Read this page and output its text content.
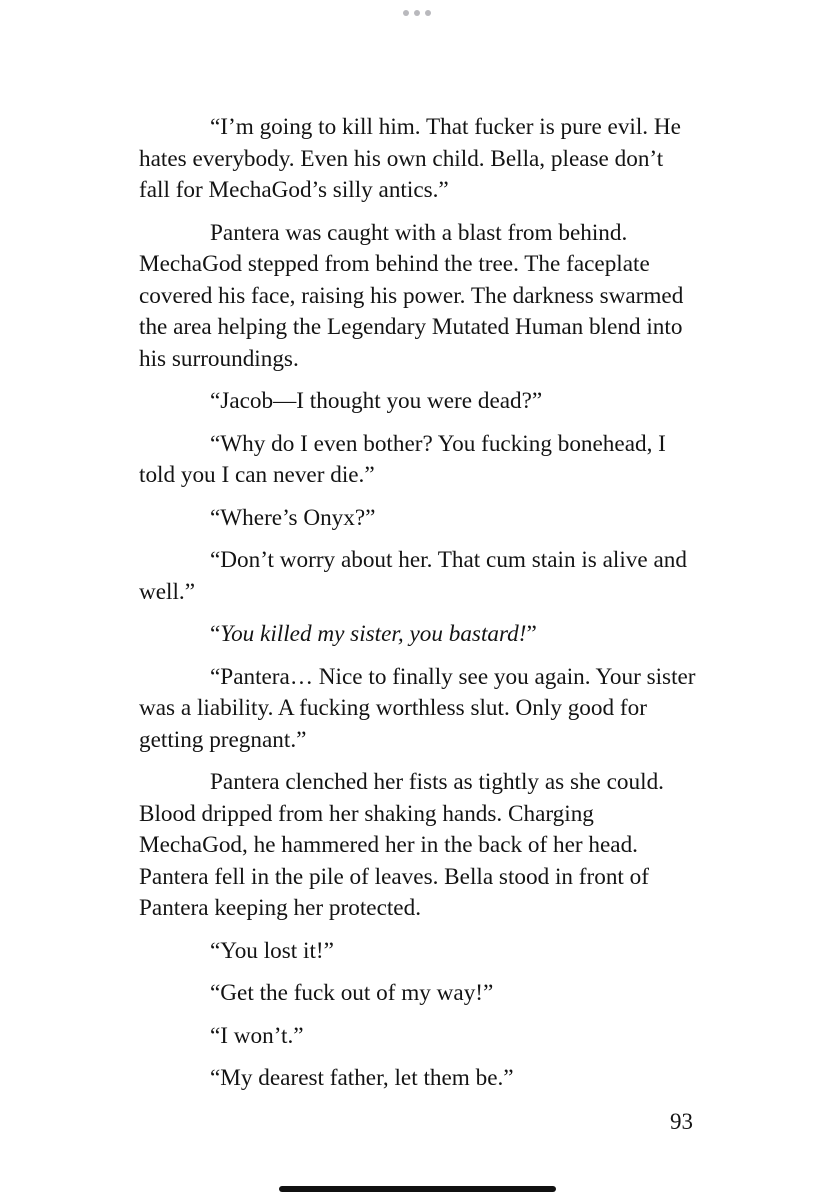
“I’m going to kill him. That fucker is pure evil. He hates everybody. Even his own child. Bella, please don’t fall for MechaGod’s silly antics.”

Pantera was caught with a blast from behind. MechaGod stepped from behind the tree. The faceplate covered his face, raising his power. The darkness swarmed the area helping the Legendary Mutated Human blend into his surroundings.

“Jacob—I thought you were dead?”

“Why do I even bother? You fucking bonehead, I told you I can never die.”

“Where’s Onyx?”

“Don’t worry about her. That cum stain is alive and well.”

“You killed my sister, you bastard!”

“Pantera… Nice to finally see you again. Your sister was a liability. A fucking worthless slut. Only good for getting pregnant.”

Pantera clenched her fists as tightly as she could. Blood dripped from her shaking hands. Charging MechaGod, he hammered her in the back of her head. Pantera fell in the pile of leaves. Bella stood in front of Pantera keeping her protected.

“You lost it!”

“Get the fuck out of my way!”

“I won’t.”

“My dearest father, let them be.”

93
